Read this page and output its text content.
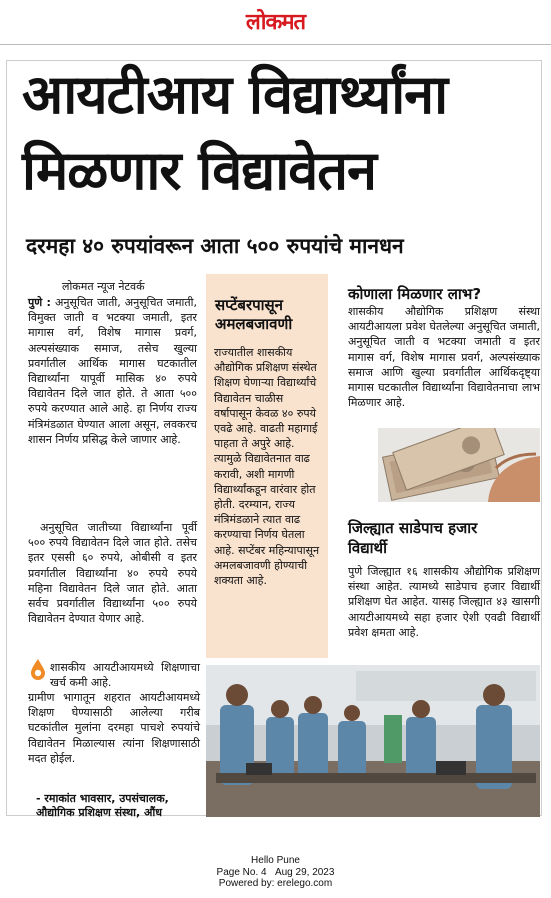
लोकमत
आयटीआय विद्यार्थ्यांना
मिळणार विद्यावेतन
दरमहा ४० रुपयांवरून आता ५०० रुपयांचे मानधन
लोकमत न्यूज नेटवर्क
पुणे : अनुसूचित जाती, अनुसूचित जमाती, विमुक्त जाती व भटक्या जमाती, इतर मागास वर्ग, विशेष मागास प्रवर्ग, अल्पसंख्याक समाज, तसेच खुल्या प्रवर्गातील आर्थिक मागास घटकातील विद्यार्थ्यांना यापूर्वी मासिक ४० रुपये विद्यावेतन दिले जात होते. ते आता ५०० रुपये करण्यात आले आहे. हा निर्णय राज्य मंत्रिमंडळात घेण्यात आला असून, लवकरच शासन निर्णय प्रसिद्ध केले जाणार आहे.
अनुसूचित जातीच्या विद्यार्थ्यांना पूर्वी ५०० रुपये विद्यावेतन दिले जात होते. तसेच इतर एससी ६० रुपये, ओबीसी व इतर प्रवर्गातील विद्यार्थ्यांना ४० रुपये रुपये महिना विद्यावेतन दिले जात होते. आता सर्वच प्रवर्गातील विद्यार्थ्यांना ५०० रुपये विद्यावेतन देण्यात येणार आहे.
शासकीय आयटीआयमध्ये शिक्षणाचा खर्च कमी आहे.
ग्रामीण भागातून शहरात आयटीआयमध्ये शिक्षण घेण्यासाठी आलेल्या गरीब घटकांतील मुलांना दरमहा पाचशे रुपयांचे विद्यावेतन मिळाल्यास त्यांना शिक्षणासाठी मदत होईल.
- रमाकांत भावसार, उपसंचालक,
औद्योगिक प्रशिक्षण संस्था, औंध
सप्टेंबरपासून
अमलबजावणी
राज्यातील शासकीय औद्योगिक प्रशिक्षण संस्थेत शिक्षण घेणाऱ्या विद्यार्थ्यांचे विद्यावेतन चाळीस वर्षापासून केवळ ४० रुपये एवढे आहे. वाढती महागाई पाहता ते अपुरे आहे. त्यामुळे विद्यावेतनात वाढ करावी, अशी मागणी विद्यार्थ्यांकडून वारंवार होत होती. दरम्यान, राज्य मंत्रिमंडळाने त्यात वाढ करण्याचा निर्णय घेतला आहे. सप्टेंबर महिन्यापासून अमलबजावणी होण्याची शक्यता आहे.
कोणाला मिळणार लाभ?
शासकीय औद्योगिक प्रशिक्षण संस्था आयटीआयला प्रवेश घेतलेल्या अनुसूचित जमाती, अनुसूचित जाती व भटक्या जमाती व इतर मागास वर्ग, विशेष मागास प्रवर्ग, अल्पसंख्याक समाज आणि खुल्या प्रवर्गातील आर्थिकदृष्ट्या मागास घटकातील विद्यार्थ्यांना विद्यावेतनाचा लाभ मिळणार आहे.
जिल्ह्यात साडेपाच हजार
विद्यार्थी
पुणे जिल्ह्यात १६ शासकीय औद्योगिक प्रशिक्षण संस्था आहेत. त्यामध्ये साडेपाच हजार विद्यार्थी प्रशिक्षण घेत आहेत. यासह जिल्ह्यात ४३ खासगी आयटीआयमध्ये सहा हजार ऐशी एवढी विद्यार्थी प्रवेश क्षमता आहे.
Hello Pune
Page No. 4 Aug 29, 2023
Powered by: erelego.com
